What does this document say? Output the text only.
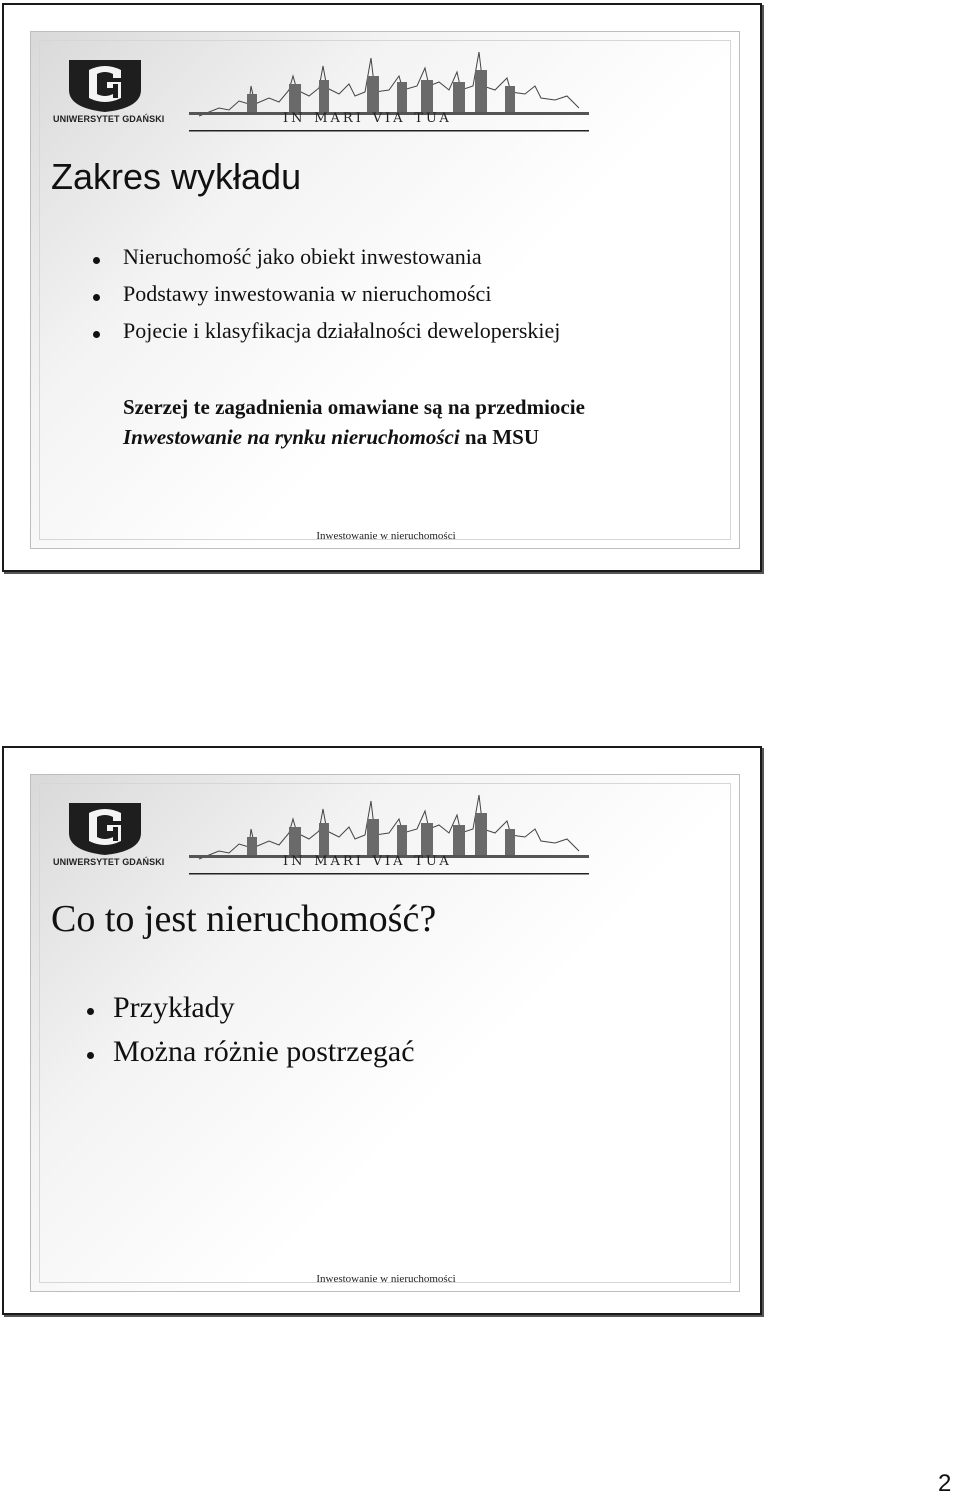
UNIWERSYTET GDAŃSKI	in mari via tua
Zakres wykładu
Nieruchomość jako obiekt inwestowania
Podstawy inwestowania w nieruchomości
Pojecie i klasyfikacja działalności deweloperskiej

Szerzej te zagadnienia omawiane są na przedmiocie Inwestowanie na rynku nieruchomości na MSU

Inwestowanie w nieruchomości
UNIWERSYTET GDAŃSKI	in mari via tua
Co to jest nieruchomość?
Przykłady
Można różnie postrzegać
Inwestowanie w nieruchomości
2
